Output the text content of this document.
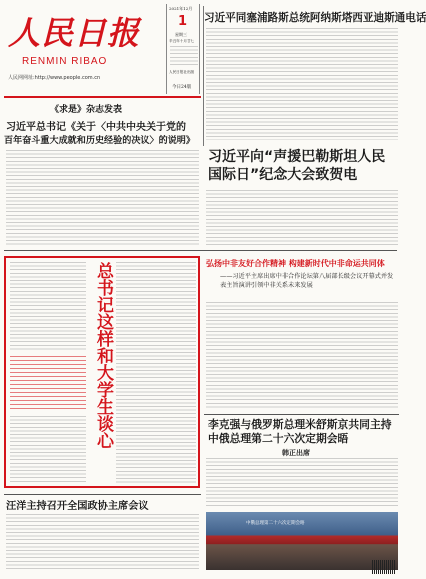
人民日报
RENMIN RIBAO
人民网网址:http://www.people.com.cn
2021年12月
1
星期三
辛丑年十月廿七
人民日报社出版
今日24版
习近平同塞浦路斯总统阿纳斯塔西亚迪斯通电话
《求是》杂志发表
习近平总书记《关于〈中共中央关于党的
百年奋斗重大成就和历史经验的决议〉的说明》
习近平向“声援巴勒斯坦人民国际日”纪念大会致贺电
总书记这样和大学生谈心	弘扬中非友好合作精神 构建新时代中非命运共同体
——习近平主席出席中非合作论坛第八届部长级会议开幕式并发表主旨演讲引领中非关系未来发展
李克强与俄罗斯总理米舒斯京共同主持中俄总理第二十六次定期会晤
韩正出席
中俄总理第二十六次定期会晤
汪洋主持召开全国政协主席会议
